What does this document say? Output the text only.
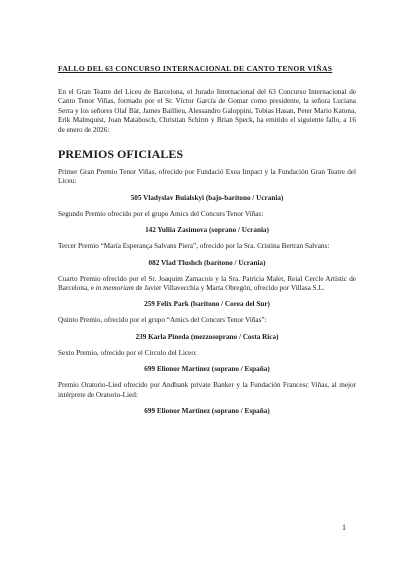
FALLO DEL 63 CONCURSO INTERNACIONAL DE CANTO TENOR VIÑAS

En el Gran Teatre del Liceu de Barcelona, el Jurado Internacional del 63 Concurso Internacional de Canto Tenor Viñas, formado por el Sr. Víctor García de Gomar como presidente, la señora Luciana Serra y los señores Olaf Bär, James Baillieu, Alessandro Galoppini, Tobias Hasan, Peter Mario Katona, Erik Malmquist, Joan Matabosch, Christian Schirm y Brian Speck, ha emitido el siguiente fallo, a 16 de enero de 2026:

PREMIOS OFICIALES

Primer Gran Premio Tenor Viñas, ofrecido por Fundació Exea Impact y la Fundación Gran Teatre del Liceu:

505 Vladyslav Buialskyi (bajo-barítono / Ucrania)

Segundo Premio ofrecido por el grupo Amics del Concurs Tenor Viñas:

142 Yuliia Zasimova (soprano / Ucrania)

Tercer Premio “María Esperança Salvans Piera”, ofrecido por la Sra. Cristina Bertran Salvans:

082 Vlad Tlushch (barítono / Ucrania)

Cuarto Premio ofrecido por el Sr. Joaquim Zamacois y la Sra. Patricia Malet, Reial Cercle Artístic de Barcelona, e in memoriam de Javier Villavecchia y Marta Obregón, ofrecido por Villasa S.L.

259 Felix Park (barítono / Corea del Sur)

Quinto Premio, ofrecido por el grupo “Amics del Concurs Tenor Viñas”:

239 Karla Pineda (mezzosoprano / Costa Rica)

Sexto Premio, ofrecido por el Círculo del Liceo:

699 Elionor Martínez (soprano / España)

Premio Oratorio-Lied ofrecido por Andbank private Banker y la Fundación Francesc Viñas, al mejor intérprete de Oratorio-Lied:

699 Elionor Martínez (soprano / España)

1
